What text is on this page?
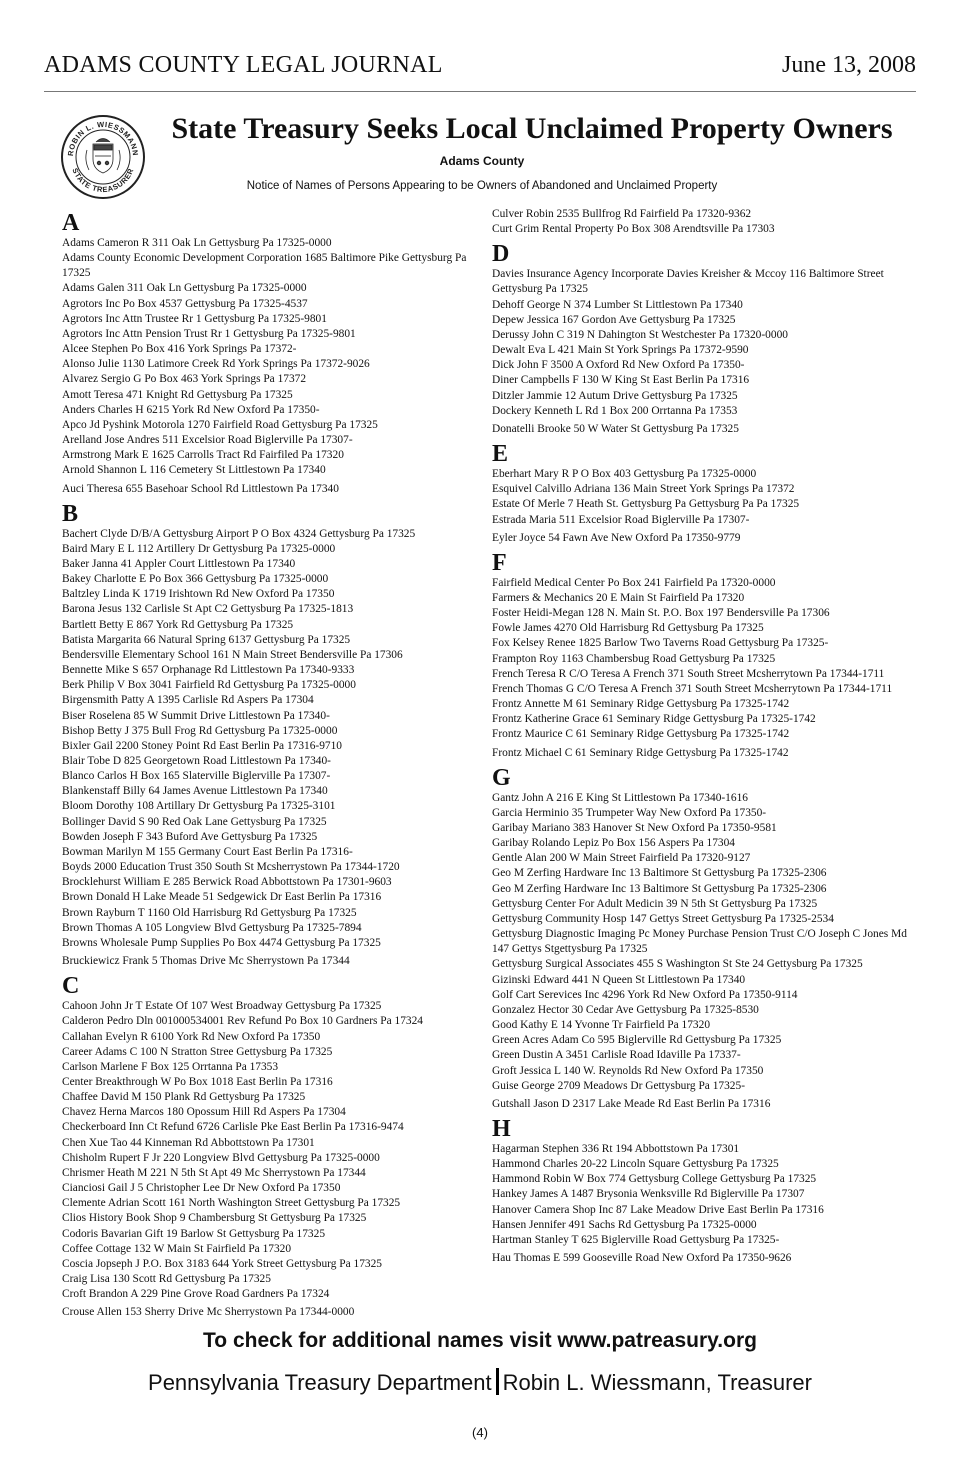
ADAMS COUNTY LEGAL JOURNAL	June 13, 2008
ROBIN L. WIESSMANN
STATE TREASURER
State Treasury Seeks Local Unclaimed Property Owners
Adams County
Notice of Names of Persons Appearing to be Owners of Abandoned and Unclaimed Property
A
Adams Cameron R 311 Oak Ln Gettysburg Pa 17325-0000
Adams County Economic Development Corporation 1685 Baltimore Pike Gettysburg Pa 17325
Adams Galen 311 Oak Ln Gettysburg Pa 17325-0000
Agrotors Inc Po Box 4537 Gettysburg Pa 17325-4537
Agrotors Inc Attn Trustee Rr 1 Gettysburg Pa 17325-9801
Agrotors Inc Attn Pension Trust Rr 1 Gettysburg Pa 17325-9801
Alcee Stephen Po Box 416 York Springs Pa 17372-
Alonso Julie 1130 Latimore Creek Rd York Springs Pa 17372-9026
Alvarez Sergio G Po Box 463 York Springs Pa 17372
Amott Teresa 471 Knight Rd Gettysburg Pa 17325
Anders Charles H 6215 York Rd New Oxford Pa 17350-
Apco Jd Pyshink Motorola 1270 Fairfield Road Gettysburg Pa 17325
Arelland Jose Andres 511 Excelsior Road Biglerville Pa 17307-
Armstrong Mark E 1625 Carrolls Tract Rd Fairfiled Pa 17320
Arnold Shannon L 116 Cemetery St Littlestown Pa 17340
Auci Theresa 655 Basehoar School Rd Littlestown Pa 17340
B
Bachert Clyde D/B/A Gettysburg Airport P O Box 4324 Gettysburg Pa 17325
Baird Mary E L 112 Artillery Dr Gettysburg Pa 17325-0000
Baker Janna 41 Appler Court Littlestown Pa 17340
Bakey Charlotte E Po Box 366 Gettysburg Pa 17325-0000
Baltzley Linda K 1719 Irishtown Rd New Oxford Pa 17350
Barona Jesus 132 Carlisle St Apt C2 Gettysburg Pa 17325-1813
Bartlett Betty E 867 York Rd Gettysburg Pa 17325
Batista Margarita 66 Natural Spring 6137 Gettysburg Pa 17325
Bendersville Elementary School 161 N Main Street Bendersville Pa 17306
Bennette Mike S 657 Orphanage Rd Littlestown Pa 17340-9333
Berk Philip V Box 3041 Fairfield Rd Gettysburg Pa 17325-0000
Birgensmith Patty A 1395 Carlisle Rd Aspers Pa 17304
Biser Roselena 85 W Summit Drive Littlestown Pa 17340-
Bishop Betty J 375 Bull Frog Rd Gettysburg Pa 17325-0000
Bixler Gail 2200 Stoney Point Rd East Berlin Pa 17316-9710
Blair Tobe D 825 Georgetown Road Littlestown Pa 17340-
Blanco Carlos H Box 165 Slaterville Biglerville Pa 17307-
Blankenstaff Billy 64 James Avenue Littlestown Pa 17340
Bloom Dorothy 108 Artillary Dr Gettysburg Pa 17325-3101
Bollinger David S 90 Red Oak Lane Gettysburg Pa 17325
Bowden Joseph F 343 Buford Ave Gettysburg Pa 17325
Bowman Marilyn M 155 Germany Court East Berlin Pa 17316-
Boyds 2000 Education Trust 350 South St Mcsherrystown Pa 17344-1720
Brocklehurst William E 285 Berwick Road Abbottstown Pa 17301-9603
Brown Donald H Lake Meade 51 Sedgewick Dr East Berlin Pa 17316
Brown Rayburn T 1160 Old Harrisburg Rd Gettysburg Pa 17325
Brown Thomas A 105 Longview Blvd Gettysburg Pa 17325-7894
Browns Wholesale Pump Supplies Po Box 4474 Gettysburg Pa 17325
Bruckiewicz Frank 5 Thomas Drive Mc Sherrystown Pa 17344
C
Cahoon John Jr T Estate Of 107 West Broadway Gettysburg Pa 17325
Calderon Pedro Dln 001000534001 Rev Refund Po Box 10 Gardners Pa 17324
Callahan Evelyn R 6100 York Rd New Oxford Pa 17350
Career Adams C 100 N Stratton Stree Gettysburg Pa 17325
Carlson Marlene F Box 125 Orrtanna Pa 17353
Center Breakthrough W Po Box 1018 East Berlin Pa 17316
Chaffee David M 150 Plank Rd Gettysburg Pa 17325
Chavez Herna Marcos 180 Opossum Hill Rd Aspers Pa 17304
Checkerboard Inn Ct Refund 6726 Carlisle Pke East Berlin Pa 17316-9474
Chen Xue Tao 44 Kinneman Rd Abbottstown Pa 17301
Chisholm Rupert F Jr 220 Longview Blvd Gettysburg Pa 17325-0000
Chrismer Heath M 221 N 5th St Apt 49 Mc Sherrystown Pa 17344
Cianciosi Gail J 5 Christopher Lee Dr New Oxford Pa 17350
Clemente Adrian Scott 161 North Washington Street Gettysburg Pa 17325
Clios History Book Shop 9 Chambersburg St Gettysburg Pa 17325
Codoris Bavarian Gift 19 Barlow St Gettysburg Pa 17325
Coffee Cottage 132 W Main St Fairfield Pa 17320
Coscia Jopseph J P.O. Box 3183 644 York Street Gettysburg Pa 17325
Craig Lisa 130 Scott Rd Gettysburg Pa 17325
Croft Brandon A 229 Pine Grove Road Gardners Pa 17324
Crouse Allen 153 Sherry Drive Mc Sherrystown Pa 17344-0000
Culver Robin 2535 Bullfrog Rd Fairfield Pa 17320-9362
Curt Grim Rental Property Po Box 308 Arendtsville Pa 17303
D
Davies Insurance Agency Incorporate Davies Kreisher & Mccoy 116 Baltimore Street Gettysburg Pa 17325
Dehoff George N 374 Lumber St Littlestown Pa 17340
Depew Jessica 167 Gordon Ave Gettysburg Pa 17325
Derussy John C 319 N Dahington St Westchester Pa 17320-0000
Dewalt Eva L 421 Main St York Springs Pa 17372-9590
Dick John F 3500 A Oxford Rd New Oxford Pa 17350-
Diner Campbells F 130 W King St East Berlin Pa 17316
Ditzler Jammie 12 Autum Drive Gettysburg Pa 17325
Dockery Kenneth L Rd 1 Box 200 Orrtanna Pa 17353
Donatelli Brooke 50 W Water St Gettysburg Pa 17325
E
Eberhart Mary R P O Box 403 Gettysburg Pa 17325-0000
Esquivel Calvillo Adriana 136 Main Street York Springs Pa 17372
Estate Of Merle 7 Heath St. Gettysburg Pa Gettysburg Pa Pa 17325
Estrada Maria 511 Excelsior Road Biglerville Pa 17307-
Eyler Joyce 54 Fawn Ave New Oxford Pa 17350-9779
F
Fairfield Medical Center Po Box 241 Fairfield Pa 17320-0000
Farmers & Mechanics 20 E Main St Fairfield Pa 17320
Foster Heidi-Megan 128 N. Main St. P.O. Box 197 Bendersville Pa 17306
Fowle James 4270 Old Harrisburg Rd Gettysburg Pa 17325
Fox Kelsey Renee 1825 Barlow Two Taverns Road Gettysburg Pa 17325-
Frampton Roy 1163 Chambersbug Road Gettysburg Pa 17325
French Teresa R C/O Teresa A French 371 South Street Mcsherrytown Pa 17344-1711
French Thomas G C/O Teresa A French 371 South Street Mcsherrytown Pa 17344-1711
Frontz Annette M 61 Seminary Ridge Gettysburg Pa 17325-1742
Frontz Katherine Grace 61 Seminary Ridge Gettysburg Pa 17325-1742
Frontz Maurice C 61 Seminary Ridge Gettysburg Pa 17325-1742
Frontz Michael C 61 Seminary Ridge Gettysburg Pa 17325-1742
G
Gantz John A 216 E King St Littlestown Pa 17340-1616
Garcia Herminio 35 Trumpeter Way New Oxford Pa 17350-
Garibay Mariano 383 Hanover St New Oxford Pa 17350-9581
Garibay Rolando Lepiz Po Box 156 Aspers Pa 17304
Gentle Alan 200 W Main Street Fairfield Pa 17320-9127
Geo M Zerfing Hardware Inc 13 Baltimore St Gettysburg Pa 17325-2306
Geo M Zerfing Hardware Inc 13 Baltimore St Gettysburg Pa 17325-2306
Gettysburg Center For Adult Medicin 39 N 5th St Gettysburg Pa 17325
Gettysburg Community Hosp 147 Gettys Street Gettysburg Pa 17325-2534
Gettysburg Diagnostic Imaging Pc Money Purchase Pension Trust C/O Joseph C Jones Md 147 Gettys Stgettysburg Pa 17325
Gettysburg Surgical Associates 455 S Washington St Ste 24 Gettysburg Pa 17325
Gizinski Edward 441 N Queen St Littlestown Pa 17340
Golf Cart Serevices Inc 4296 York Rd New Oxford Pa 17350-9114
Gonzalez Hector 30 Cedar Ave Gettysburg Pa 17325-8530
Good Kathy E 14 Yvonne Tr Fairfield Pa 17320
Green Acres Adam Co 595 Biglerville Rd Gettysburg Pa 17325
Green Dustin A 3451 Carlisle Road Idaville Pa 17337-
Groft Jessica L 140 W. Reynolds Rd New Oxford Pa 17350
Guise George 2709 Meadows Dr Gettysburg Pa 17325-
Gutshall Jason D 2317 Lake Meade Rd East Berlin Pa 17316
H
Hagarman Stephen 336 Rt 194 Abbottstown Pa 17301
Hammond Charles 20-22 Lincoln Square Gettysburg Pa 17325
Hammond Robin W Box 774 Gettysburg College Gettysburg Pa 17325
Hankey James A 1487 Brysonia Wenksville Rd Biglerville Pa 17307
Hanover Camera Shop Inc 87 Lake Meadow Drive East Berlin Pa 17316
Hansen Jennifer 491 Sachs Rd Gettysburg Pa 17325-0000
Hartman Stanley T 625 Biglerville Road Gettysburg Pa 17325-
Hau Thomas E 599 Gooseville Road New Oxford Pa 17350-9626
To check for additional names visit www.patreasury.org
Pennsylvania Treasury Department Robin L. Wiessmann, Treasurer
(4)
